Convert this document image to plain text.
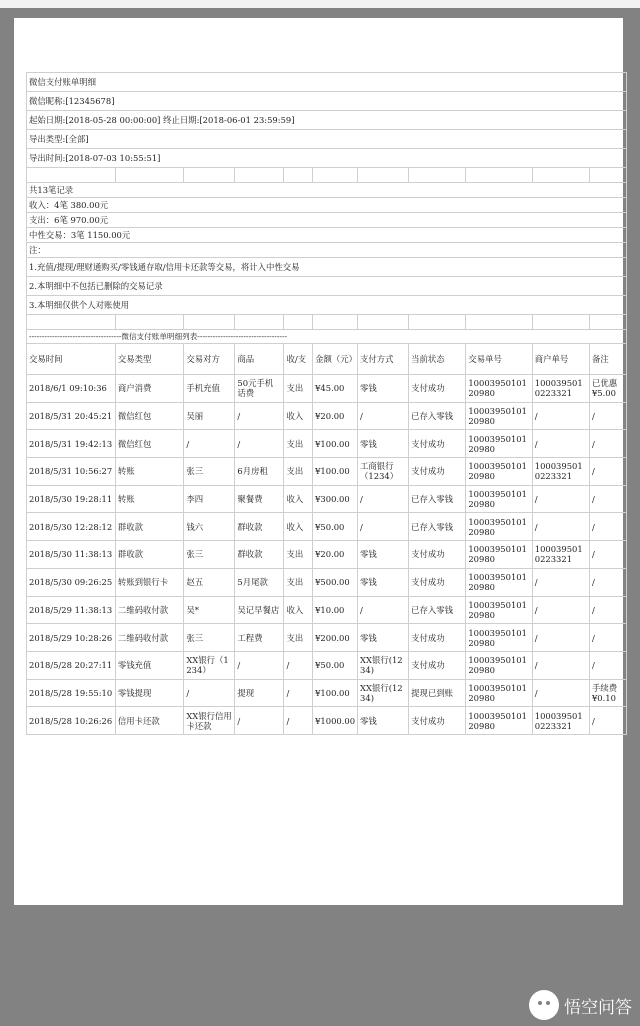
微信支付账单明细										
微信昵称:[12345678]										
起始日期:[2018-05-28 00:00:00] 终止日期:[2018-06-01 23:59:59]										
导出类型:[全部]										
导出时间:[2018-07-03 10:55:51]										

共13笔记录										
收入：4笔 380.00元										
支出：6笔 970.00元										
中性交易：3笔 1150.00元										
注：										
1.充值/提现/理财通购买/零钱通存取/信用卡还款等交易，将计入中性交易										
2.本明细中不包括已删除的交易记录										
3.本明细仅供个人对账使用										

------------------------------------微信支付账单明细列表-----------------------------------										
交易时间	交易类型	交易对方	商品	收/支	金额（元）	支付方式	当前状态	交易单号	商户单号	备注
2018/6/1 09:10:36	商户消费	手机充值	50元手机话费	支出	¥45.00	零钱	支付成功	1000395010120980	1000395010223321	已优惠¥5.00
2018/5/31 20:45:21	微信红包	吴丽	/	收入	¥20.00	/	已存入零钱	1000395010120980	/	/
2018/5/31 19:42:13	微信红包	/	/	支出	¥100.00	零钱	支付成功	1000395010120980	/	/
2018/5/31 10:56:27	转账	张三	6月房租	支出	¥100.00	工商银行（1234）	支付成功	1000395010120980	1000395010223321	/
2018/5/30 19:28:11	转账	李四	聚餐费	收入	¥300.00	/	已存入零钱	1000395010120980	/	/
2018/5/30 12:28:12	群收款	钱六	群收款	收入	¥50.00	/	已存入零钱	1000395010120980	/	/
2018/5/30 11:38:13	群收款	张三	群收款	支出	¥20.00	零钱	支付成功	1000395010120980	1000395010223321	/
2018/5/30 09:26:25	转账到银行卡	赵五	5月尾款	支出	¥500.00	零钱	支付成功	1000395010120980	/	/
2018/5/29 11:38:13	二维码收付款	吴*	吴记早餐店	收入	¥10.00	/	已存入零钱	1000395010120980	/	/
2018/5/29 10:28:26	二维码收付款	张三	工程费	支出	¥200.00	零钱	支付成功	1000395010120980	/	/
2018/5/28 20:27:11	零钱充值	XX银行（1234）	/	/	¥50.00	XX银行(1234)	支付成功	1000395010120980	/	/
2018/5/28 19:55:10	零钱提现	/	提现	/	¥100.00	XX银行(1234)	提现已到账	1000395010120980	/	手续费¥0.10
2018/5/28 10:26:26	信用卡还款	XX银行信用卡还款	/	/	¥1000.00	零钱	支付成功	1000395010120980	1000395010223321	/
悟空问答
